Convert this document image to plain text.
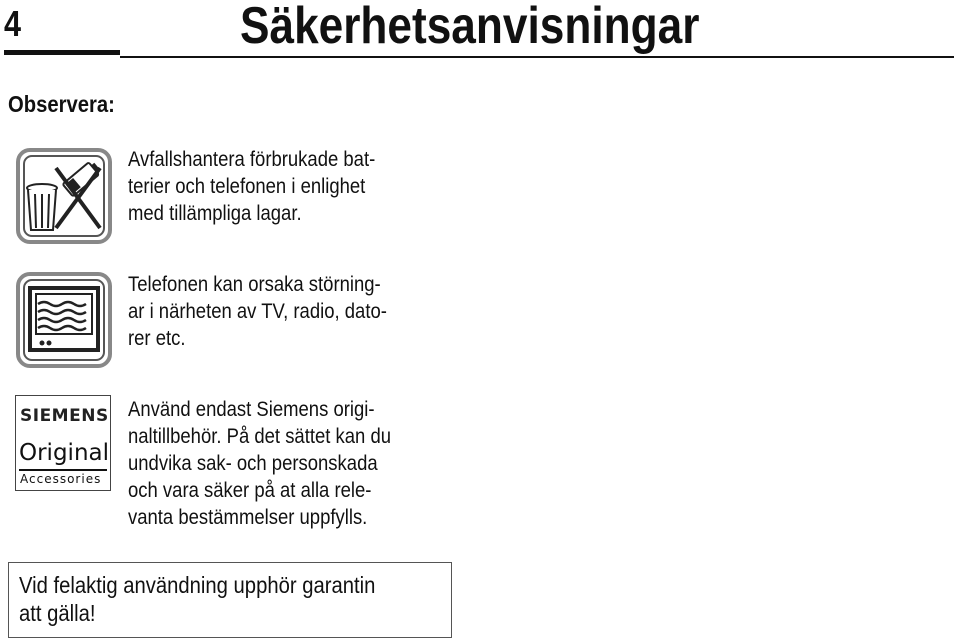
4	Säkerhetsanvisningar
Observera:
Avfallshantera förbrukade bat-
terier och telefonen i enlighet
med tillämpliga lagar.
Telefonen kan orsaka störning-
ar i närheten av TV, radio, dato-
rer etc.
SIEMENS
Original
Accessories
Använd endast Siemens origi-
naltillbehör. På det sättet kan du
undvika sak- och personskada
och vara säker på at alla rele-
vanta bestämmelser uppfylls.
Vid felaktig användning upphör garantin
att gälla!
